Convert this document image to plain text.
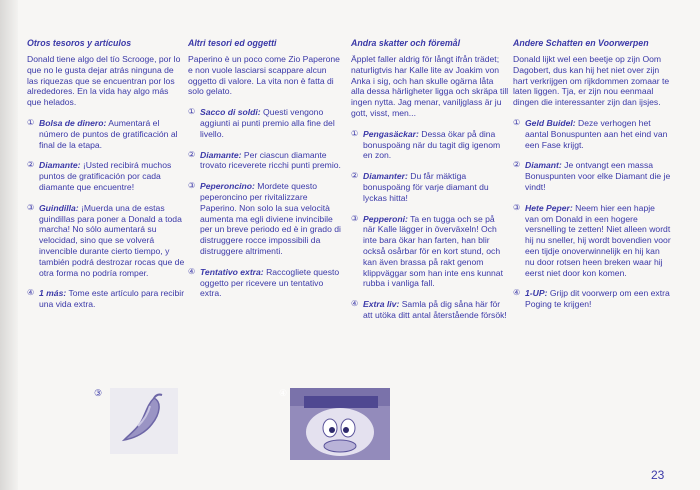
Otros tesoros y artículos

Donald tiene algo del tío Scrooge, por lo que no le gusta dejar atrás ninguna de las riquezas que se encuentran por los alrededores. En la vida hay algo más que helados.

① Bolsa de dinero: Aumentará el número de puntos de gratificación al final de la etapa.
② Diamante: ¡Usted recibirá muchos puntos de gratificación por cada diamante que encuentre!
③ Guindilla: ¡Muerda una de estas guindillas para poner a Donald a toda marcha! No sólo aumentará su velocidad, sino que se volverá invencible durante cierto tiempo, y también podrá destrozar rocas que de otra forma no podría romper.
④ 1 más: Tome este artículo para recibir una vida extra.
Altri tesori ed oggetti

Paperino è un poco come Zio Paperone e non vuole lasciarsi scappare alcun oggetto di valore. La vita non è fatta di solo gelato.

① Sacco di soldi: Questi vengono aggiunti ai punti premio alla fine del livello.
② Diamante: Per ciascun diamante trovato riceverete ricchi punti premio.
③ Peperoncino: Mordete questo peperoncino per rivitalizzare Paperino. Non solo la sua velocità aumenta ma egli diviene invincibile per un breve periodo ed è in grado di distruggere rocce impossibili da distruggere altrimenti.
④ Tentativo extra: Raccogliete questo oggetto per ricevere un tentativo extra.
Andra skatter och föremål

Äpplet faller aldrig för långt ifrån trädet; naturligtvis har Kalle lite av Joakim von Anka i sig, och han skulle ogärna låta alla dessa härligheter ligga och skräpa till ingen nytta. Jag menar, vaniljglass är ju gott, visst, men...

① Pengasäckar: Dessa ökar på dina bonuspoäng när du tagit dig igenom en zon.
② Diamanter: Du får mäktiga bonuspoäng för varje diamant du lyckas hitta!
③ Pepperoni: Ta en tugga och se på när Kalle lägger in överväxeln! Och inte bara ökar han farten, han blir också osårbar för en kort stund, och kan även brassa på rakt genom klippväggar som han inte ens kunnat rubba i vanliga fall.
④ Extra liv: Samla på dig såna här för att utöka ditt antal återstående försök!
Andere Schatten en Voorwerpen

Donald lijkt wel een beetje op zijn Oom Dagobert, dus kan hij het niet over zijn hart verkrijgen om rijkdommen zomaar te laten liggen. Tja, er zijn nou eenmaal dingen die interessanter zijn dan ijsjes.

① Geld Buidel: Deze verhogen het aantal Bonuspunten aan het eind van een Fase krijgt.
② Diamant: Je ontvangt een massa Bonuspunten voor elke Diamant die je vindt!
③ Hete Peper: Neem hier een hapje van om Donald in een hogere versnelling te zetten! Niet alleen wordt hij nu sneller, hij wordt bovendien voor een tijdje onoverwinnelijk en hij kan nu door rotsen heen breken waar hij eerst niet door kon komen.
④ 1-UP: Grijp dit voorwerp om een extra Poging te krijgen!
③	④
23
